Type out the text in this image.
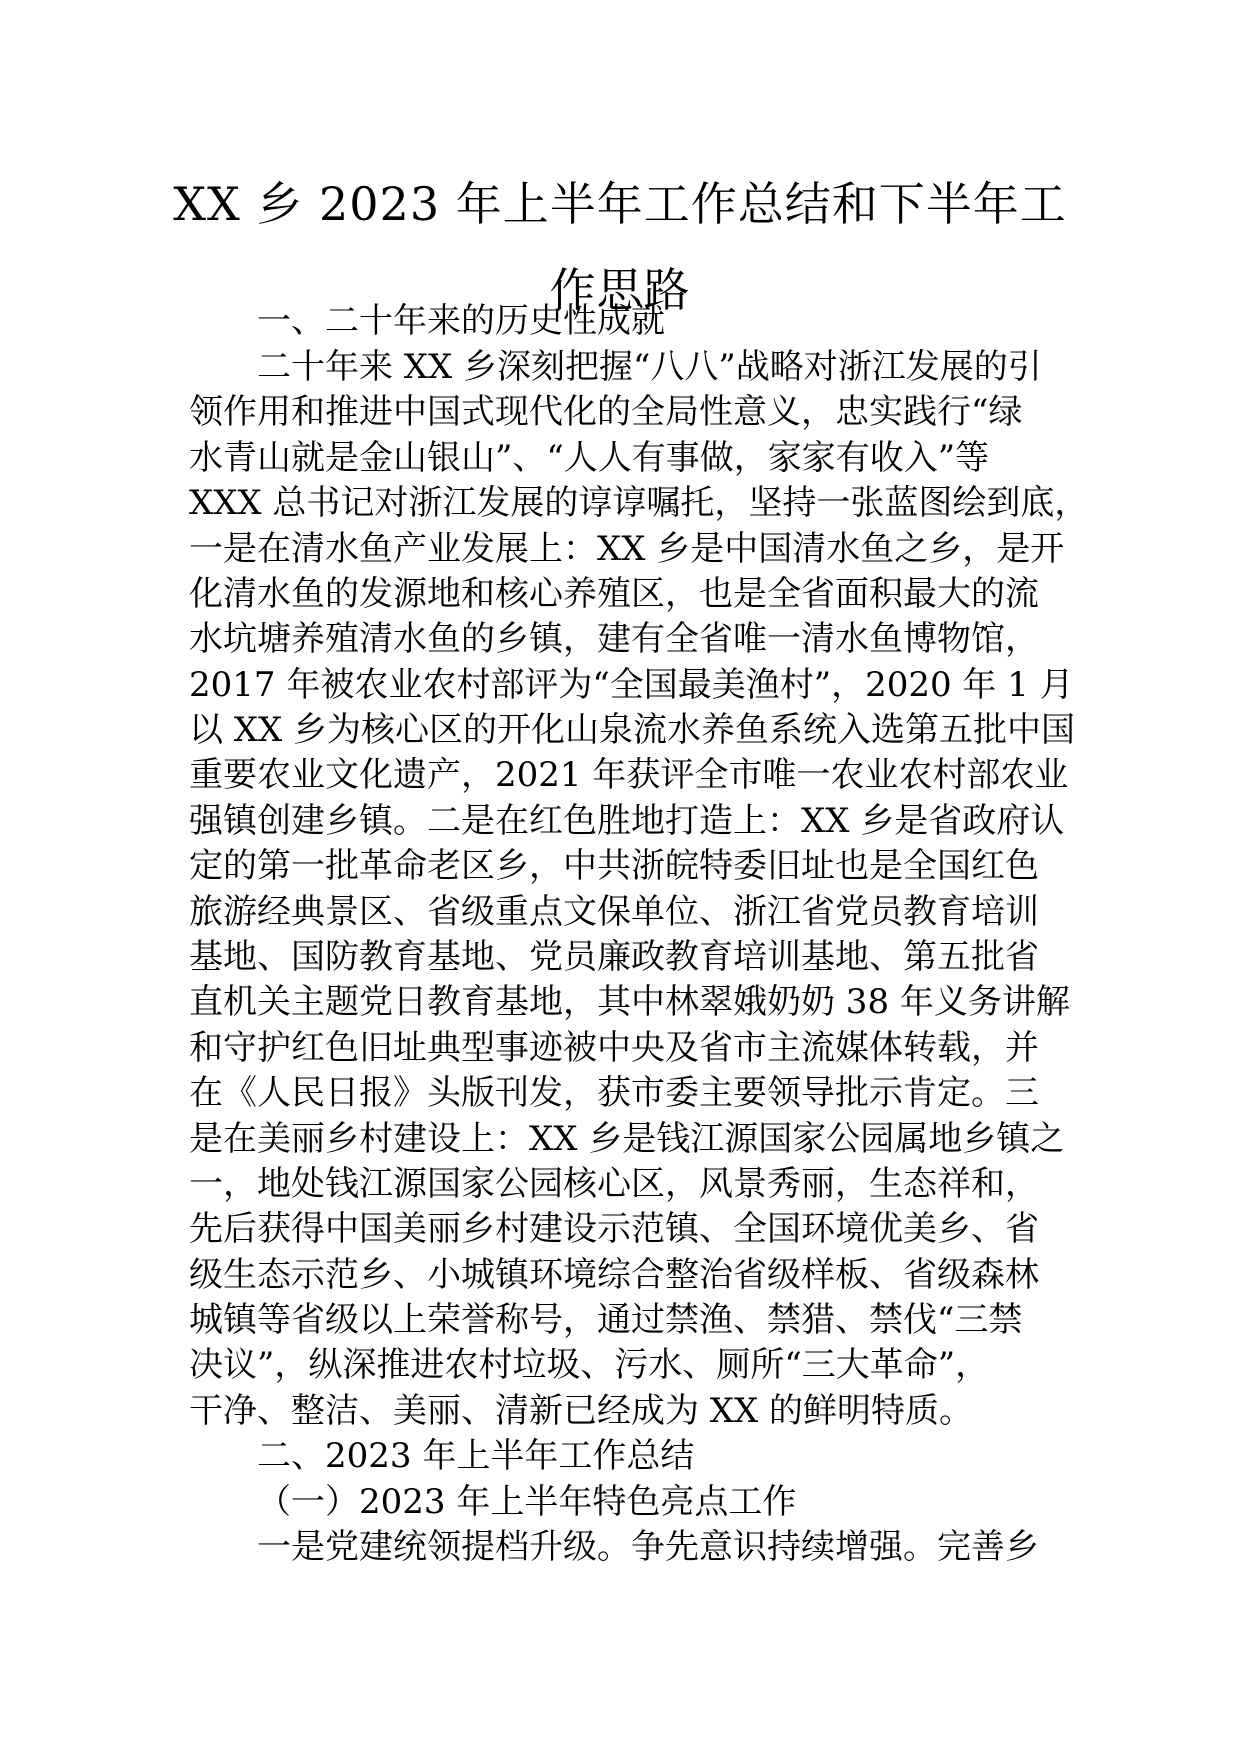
XX 乡 2023 年上半年工作总结和下半年工
作思路
一、二十年来的历史性成就
二十年来 XX 乡深刻把握“八八”战略对浙江发展的引
领作用和推进中国式现代化的全局性意义，忠实践行“绿
水青山就是金山银山”、“人人有事做，家家有收入”等
XXX 总书记对浙江发展的谆谆嘱托，坚持一张蓝图绘到底，
一是在清水鱼产业发展上：XX 乡是中国清水鱼之乡，是开
化清水鱼的发源地和核心养殖区，也是全省面积最大的流
水坑塘养殖清水鱼的乡镇，建有全省唯一清水鱼博物馆，
2017 年被农业农村部评为“全国最美渔村”，2020 年 1 月
以 XX 乡为核心区的开化山泉流水养鱼系统入选第五批中国
重要农业文化遗产，2021 年获评全市唯一农业农村部农业
强镇创建乡镇。二是在红色胜地打造上：XX 乡是省政府认
定的第一批革命老区乡，中共浙皖特委旧址也是全国红色
旅游经典景区、省级重点文保单位、浙江省党员教育培训
基地、国防教育基地、党员廉政教育培训基地、第五批省
直机关主题党日教育基地，其中林翠娥奶奶 38 年义务讲解
和守护红色旧址典型事迹被中央及省市主流媒体转载，并
在《人民日报》头版刊发，获市委主要领导批示肯定。三
是在美丽乡村建设上：XX 乡是钱江源国家公园属地乡镇之
一，地处钱江源国家公园核心区，风景秀丽，生态祥和，
先后获得中国美丽乡村建设示范镇、全国环境优美乡、省
级生态示范乡、小城镇环境综合整治省级样板、省级森林
城镇等省级以上荣誉称号，通过禁渔、禁猎、禁伐“三禁
决议”，纵深推进农村垃圾、污水、厕所“三大革命”，
干净、整洁、美丽、清新已经成为 XX 的鲜明特质。
二、2023 年上半年工作总结
（一）2023 年上半年特色亮点工作
一是党建统领提档升级。争先意识持续增强。完善乡
